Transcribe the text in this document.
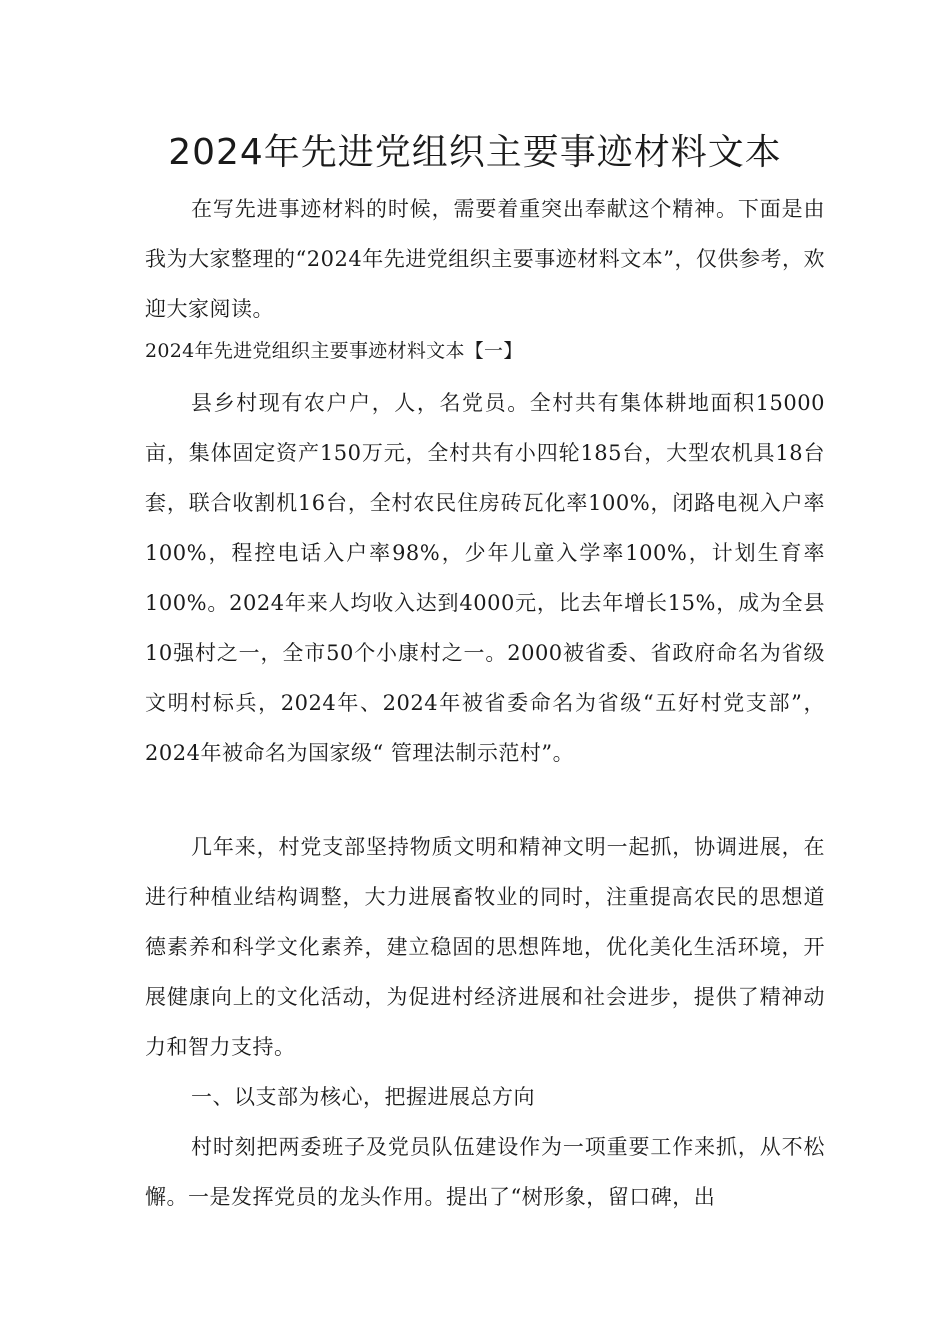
2024年先进党组织主要事迹材料文本

在写先进事迹材料的时候，需要着重突出奉献这个精神。下面是由我为大家整理的“2024年先进党组织主要事迹材料文本”，仅供参考，欢迎大家阅读。

2024年先进党组织主要事迹材料文本【一】

县乡村现有农户户，人，名党员。全村共有集体耕地面积15000亩，集体固定资产150万元，全村共有小四轮185台，大型农机具18台套，联合收割机16台，全村农民住房砖瓦化率100%，闭路电视入户率100%，程控电话入户率98%，少年儿童入学率100%，计划生育率100%。2024年来人均收入达到4000元，比去年增长15%，成为全县10强村之一，全市50个小康村之一。2000被省委、省政府命名为省级文明村标兵，2024年、2024年被省委命名为省级“五好村党支部”，2024年被命名为国家级“ 管理法制示范村”。

几年来，村党支部坚持物质文明和精神文明一起抓，协调进展，在进行种植业结构调整，大力进展畜牧业的同时，注重提高农民的思想道德素养和科学文化素养，建立稳固的思想阵地，优化美化生活环境，开展健康向上的文化活动，为促进村经济进展和社会进步，提供了精神动力和智力支持。

一、以支部为核心，把握进展总方向

村时刻把两委班子及党员队伍建设作为一项重要工作来抓，从不松懈。一是发挥党员的龙头作用。提出了“树形象，留口碑，出
